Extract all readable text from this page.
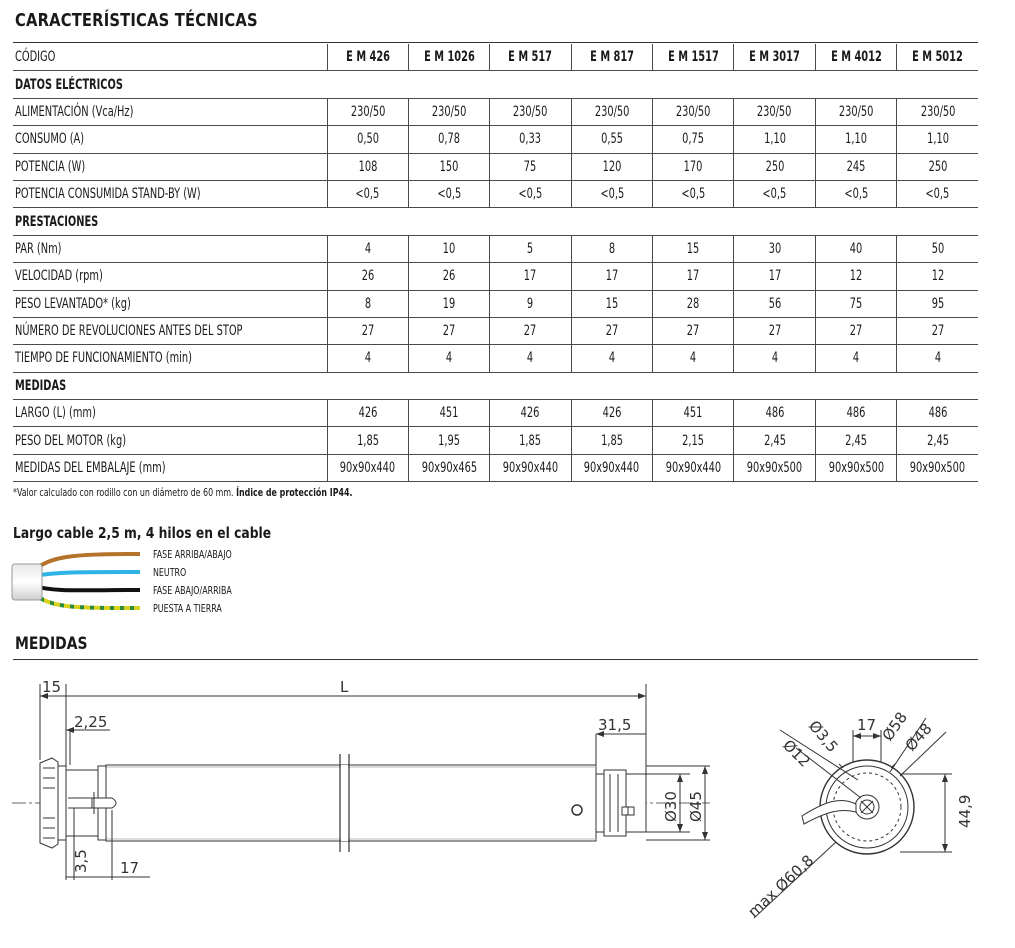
CARACTERÍSTICAS TÉCNICAS
CÓDIGO	E M 426	E M 1026	E M 517	E M 817	E M 1517	E M 3017	E M 4012	E M 5012
DATOS ELÉCTRICOS								
ALIMENTACIÓN (Vca/Hz)	230/50	230/50	230/50	230/50	230/50	230/50	230/50	230/50
CONSUMO (A)	0,50	0,78	0,33	0,55	0,75	1,10	1,10	1,10
POTENCIA (W)	108	150	75	120	170	250	245	250
POTENCIA CONSUMIDA STAND-BY (W)	<0,5	<0,5	<0,5	<0,5	<0,5	<0,5	<0,5	<0,5
PRESTACIONES								
PAR (Nm)	4	10	5	8	15	30	40	50
VELOCIDAD (rpm)	26	26	17	17	17	17	12	12
PESO LEVANTADO* (kg)	8	19	9	15	28	56	75	95
NÚMERO DE REVOLUCIONES ANTES DEL STOP	27	27	27	27	27	27	27	27
TIEMPO DE FUNCIONAMIENTO (min)	4	4	4	4	4	4	4	4
MEDIDAS								
LARGO (L) (mm)	426	451	426	426	451	486	486	486
PESO DEL MOTOR (kg)	1,85	1,95	1,85	1,85	2,15	2,45	2,45	2,45
MEDIDAS DEL EMBALAJE (mm)	90x90x440	90x90x465	90x90x440	90x90x440	90x90x440	90x90x500	90x90x500	90x90x500
*Valor calculado con rodillo con un diámetro de 60 mm. Índice de protección IP44.
Largo cable 2,5 m, 4 hilos en el cable
FASE ARRIBA/ABAJO
NEUTRO
FASE ABAJO/ARRIBA
PUESTA A TIERRA
MEDIDAS
15	L
2,25	31,5
Ø30 Ø45
3,5 17
17
Ø3,5
Ø12
Ø58
Ø48
44,9
max Ø60,8
